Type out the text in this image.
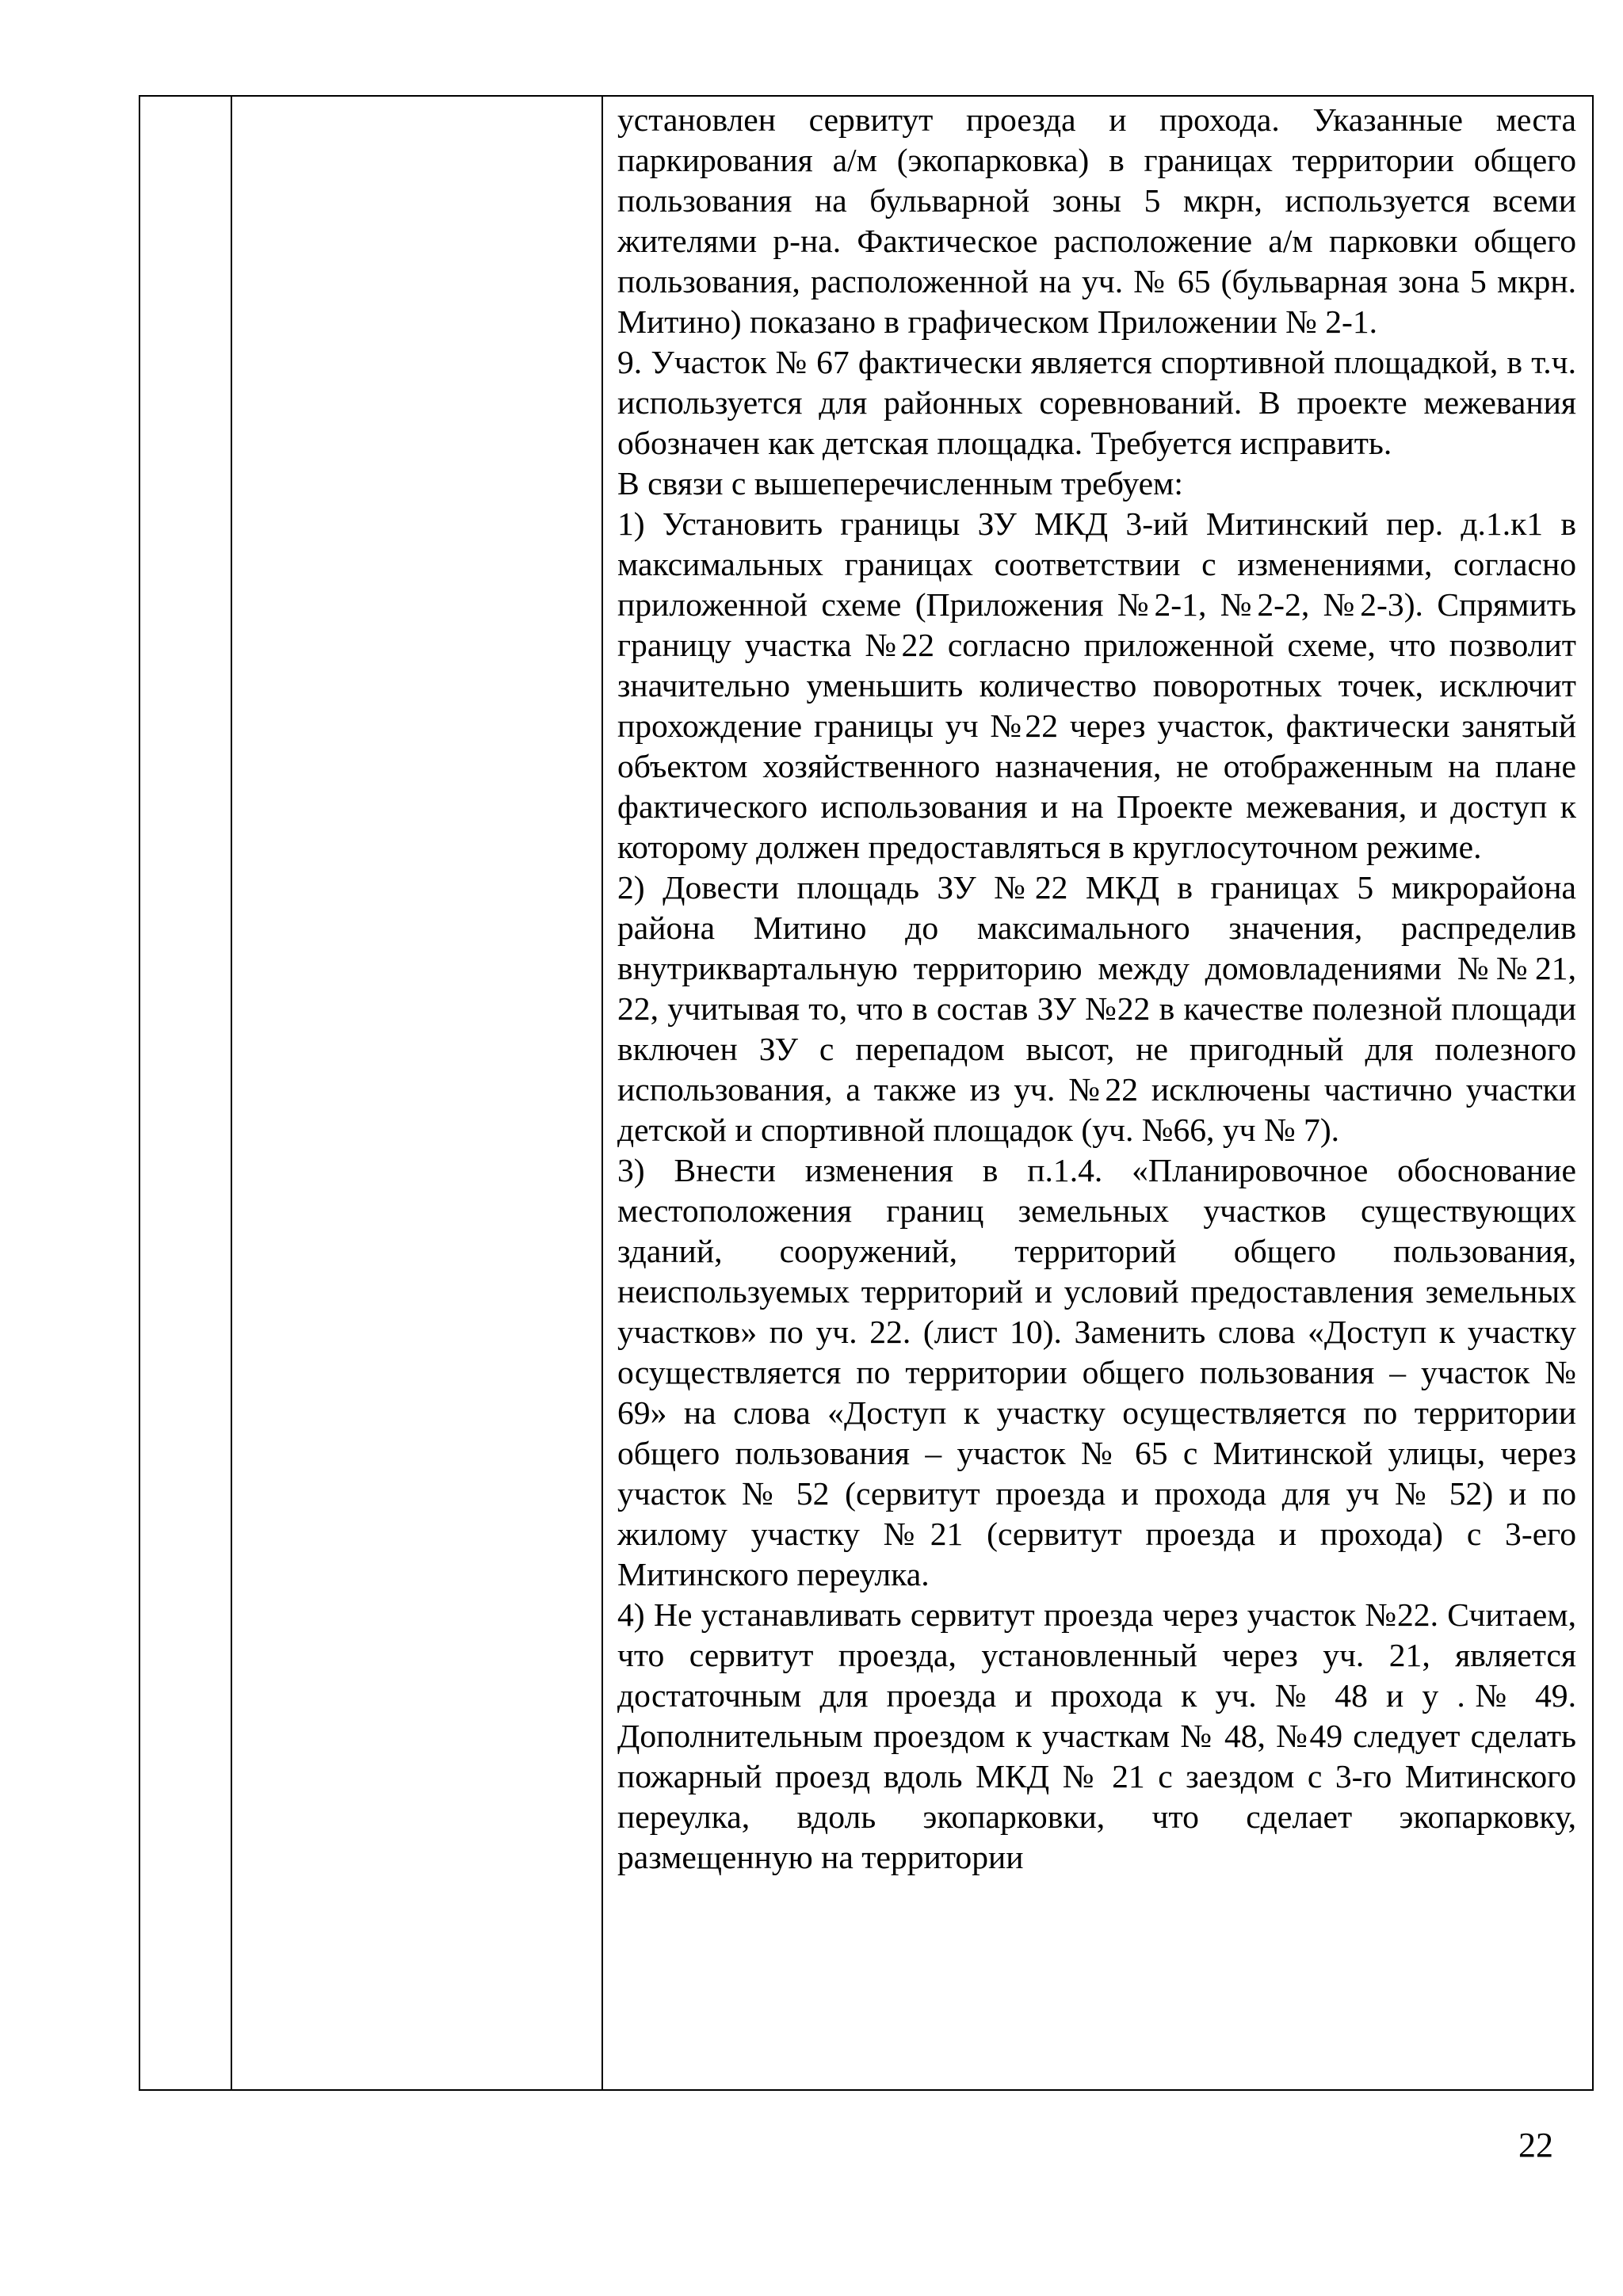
установлен сервитут проезда и прохода. Указанные места паркирования а/м (экопарковка) в границах территории общего пользования на бульварной зоны 5 мкрн, используется всеми жителями р-на. Фактическое расположение а/м парковки общего пользования, расположенной на уч. № 65 (бульварная зона 5 мкрн. Митино) показано в графическом Приложении № 2-1.

9. Участок № 67 фактически является спортивной площадкой, в т.ч. используется для районных соревнований. В проекте межевания обозначен как детская площадка. Требуется исправить.

В связи с вышеперечисленным требуем:

1) Установить границы ЗУ МКД 3-ий Митинский пер. д.1.к1 в максимальных границах соответствии с изменениями, согласно приложенной схеме (Приложения №2-1, №2-2, №2-3). Спрямить границу участка №22 согласно приложенной схеме, что позволит значительно уменьшить количество поворотных точек, исключит прохождение границы уч №22 через участок, фактически занятый объектом хозяйственного назначения, не отображенным на плане фактического использования и на Проекте межевания, и доступ к которому должен предоставляться в круглосуточном режиме.

2) Довести площадь ЗУ №22 МКД в границах 5 микрорайона района Митино до максимального значения, распределив внутриквартальную территорию между домовладениями №№21, 22, учитывая то, что в состав ЗУ №22 в качестве полезной площади включен ЗУ с перепадом высот, не пригодный для полезного использования, а также из уч. №22 исключены частично участки детской и спортивной площадок (уч. №66, уч № 7).

3) Внести изменения в п.1.4. «Планировочное обоснование местоположения границ земельных участков существующих зданий, сооружений, территорий общего пользования, неиспользуемых территорий и условий предоставления земельных участков» по уч. 22. (лист 10). Заменить слова «Доступ к участку осуществляется по территории общего пользования – участок № 69» на слова «Доступ к участку осуществляется по территории общего пользования – участок № 65 с Митинской улицы, через участок № 52 (сервитут проезда и прохода для уч № 52) и по жилому участку №21 (сервитут проезда и прохода) с 3-его Митинского переулка.

4) Не устанавливать сервитут проезда через участок №22. Считаем, что сервитут проезда, установленный через уч. 21, является достаточным для проезда и прохода к уч. № 48 и у .№ 49. Дополнительным проездом к участкам № 48, №49 следует сделать пожарный проезд вдоль МКД № 21 с заездом с 3-го Митинского переулка, вдоль экопарковки, что сделает экопарковку, размещенную на территории

22
